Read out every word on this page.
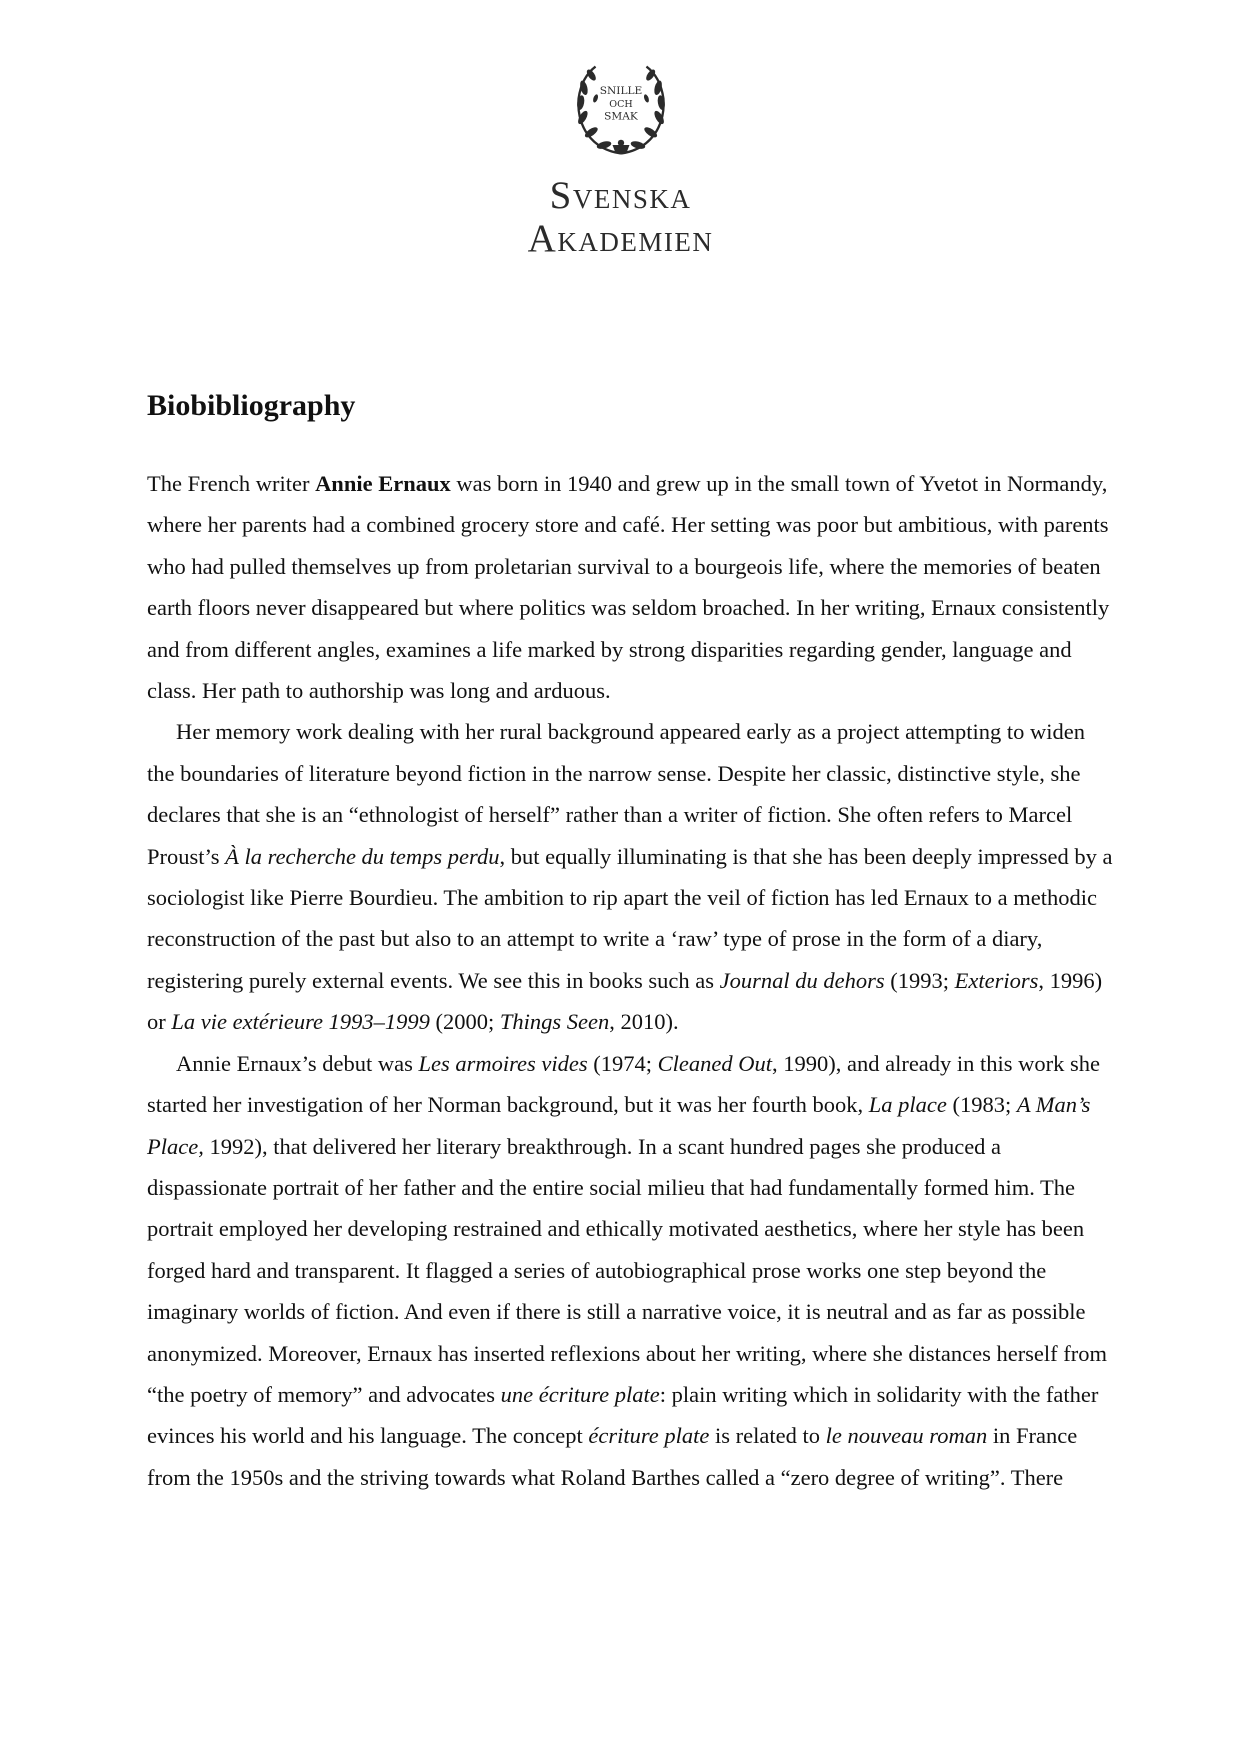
SNILLE
OCH
SMAK
Svenska
Akademien
Biobibliography

The French writer Annie Ernaux was born in 1940 and grew up in the small town of Yvetot in Normandy, where her parents had a combined grocery store and café. Her setting was poor but ambitious, with parents who had pulled themselves up from proletarian survival to a bourgeois life, where the memories of beaten earth floors never disappeared but where politics was seldom broached. In her writing, Ernaux consistently and from different angles, examines a life marked by strong disparities regarding gender, language and class. Her path to authorship was long and arduous.

Her memory work dealing with her rural background appeared early as a project attempting to widen the boundaries of literature beyond fiction in the narrow sense. Despite her classic, distinctive style, she declares that she is an “ethnologist of herself” rather than a writer of fiction. She often refers to Marcel Proust’s À la recherche du temps perdu, but equally illuminating is that she has been deeply impressed by a sociologist like Pierre Bourdieu. The ambition to rip apart the veil of fiction has led Ernaux to a methodic reconstruction of the past but also to an attempt to write a ‘raw’ type of prose in the form of a diary, registering purely external events. We see this in books such as Journal du dehors (1993; Exteriors, 1996) or La vie extérieure 1993‒1999 (2000; Things Seen, 2010).

Annie Ernaux’s debut was Les armoires vides (1974; Cleaned Out, 1990), and already in this work she started her investigation of her Norman background, but it was her fourth book, La place (1983; A Man’s Place, 1992), that delivered her literary breakthrough. In a scant hundred pages she produced a dispassionate portrait of her father and the entire social milieu that had fundamentally formed him. The portrait employed her developing restrained and ethically motivated aesthetics, where her style has been forged hard and transparent. It flagged a series of autobiographical prose works one step beyond the imaginary worlds of fiction. And even if there is still a narrative voice, it is neutral and as far as possible anonymized. Moreover, Ernaux has inserted reflexions about her writing, where she distances herself from “the poetry of memory” and advocates une écriture plate: plain writing which in solidarity with the father evinces his world and his language. The concept écriture plate is related to le nouveau roman in France from the 1950s and the striving towards what Roland Barthes called a “zero degree of writing”. There
